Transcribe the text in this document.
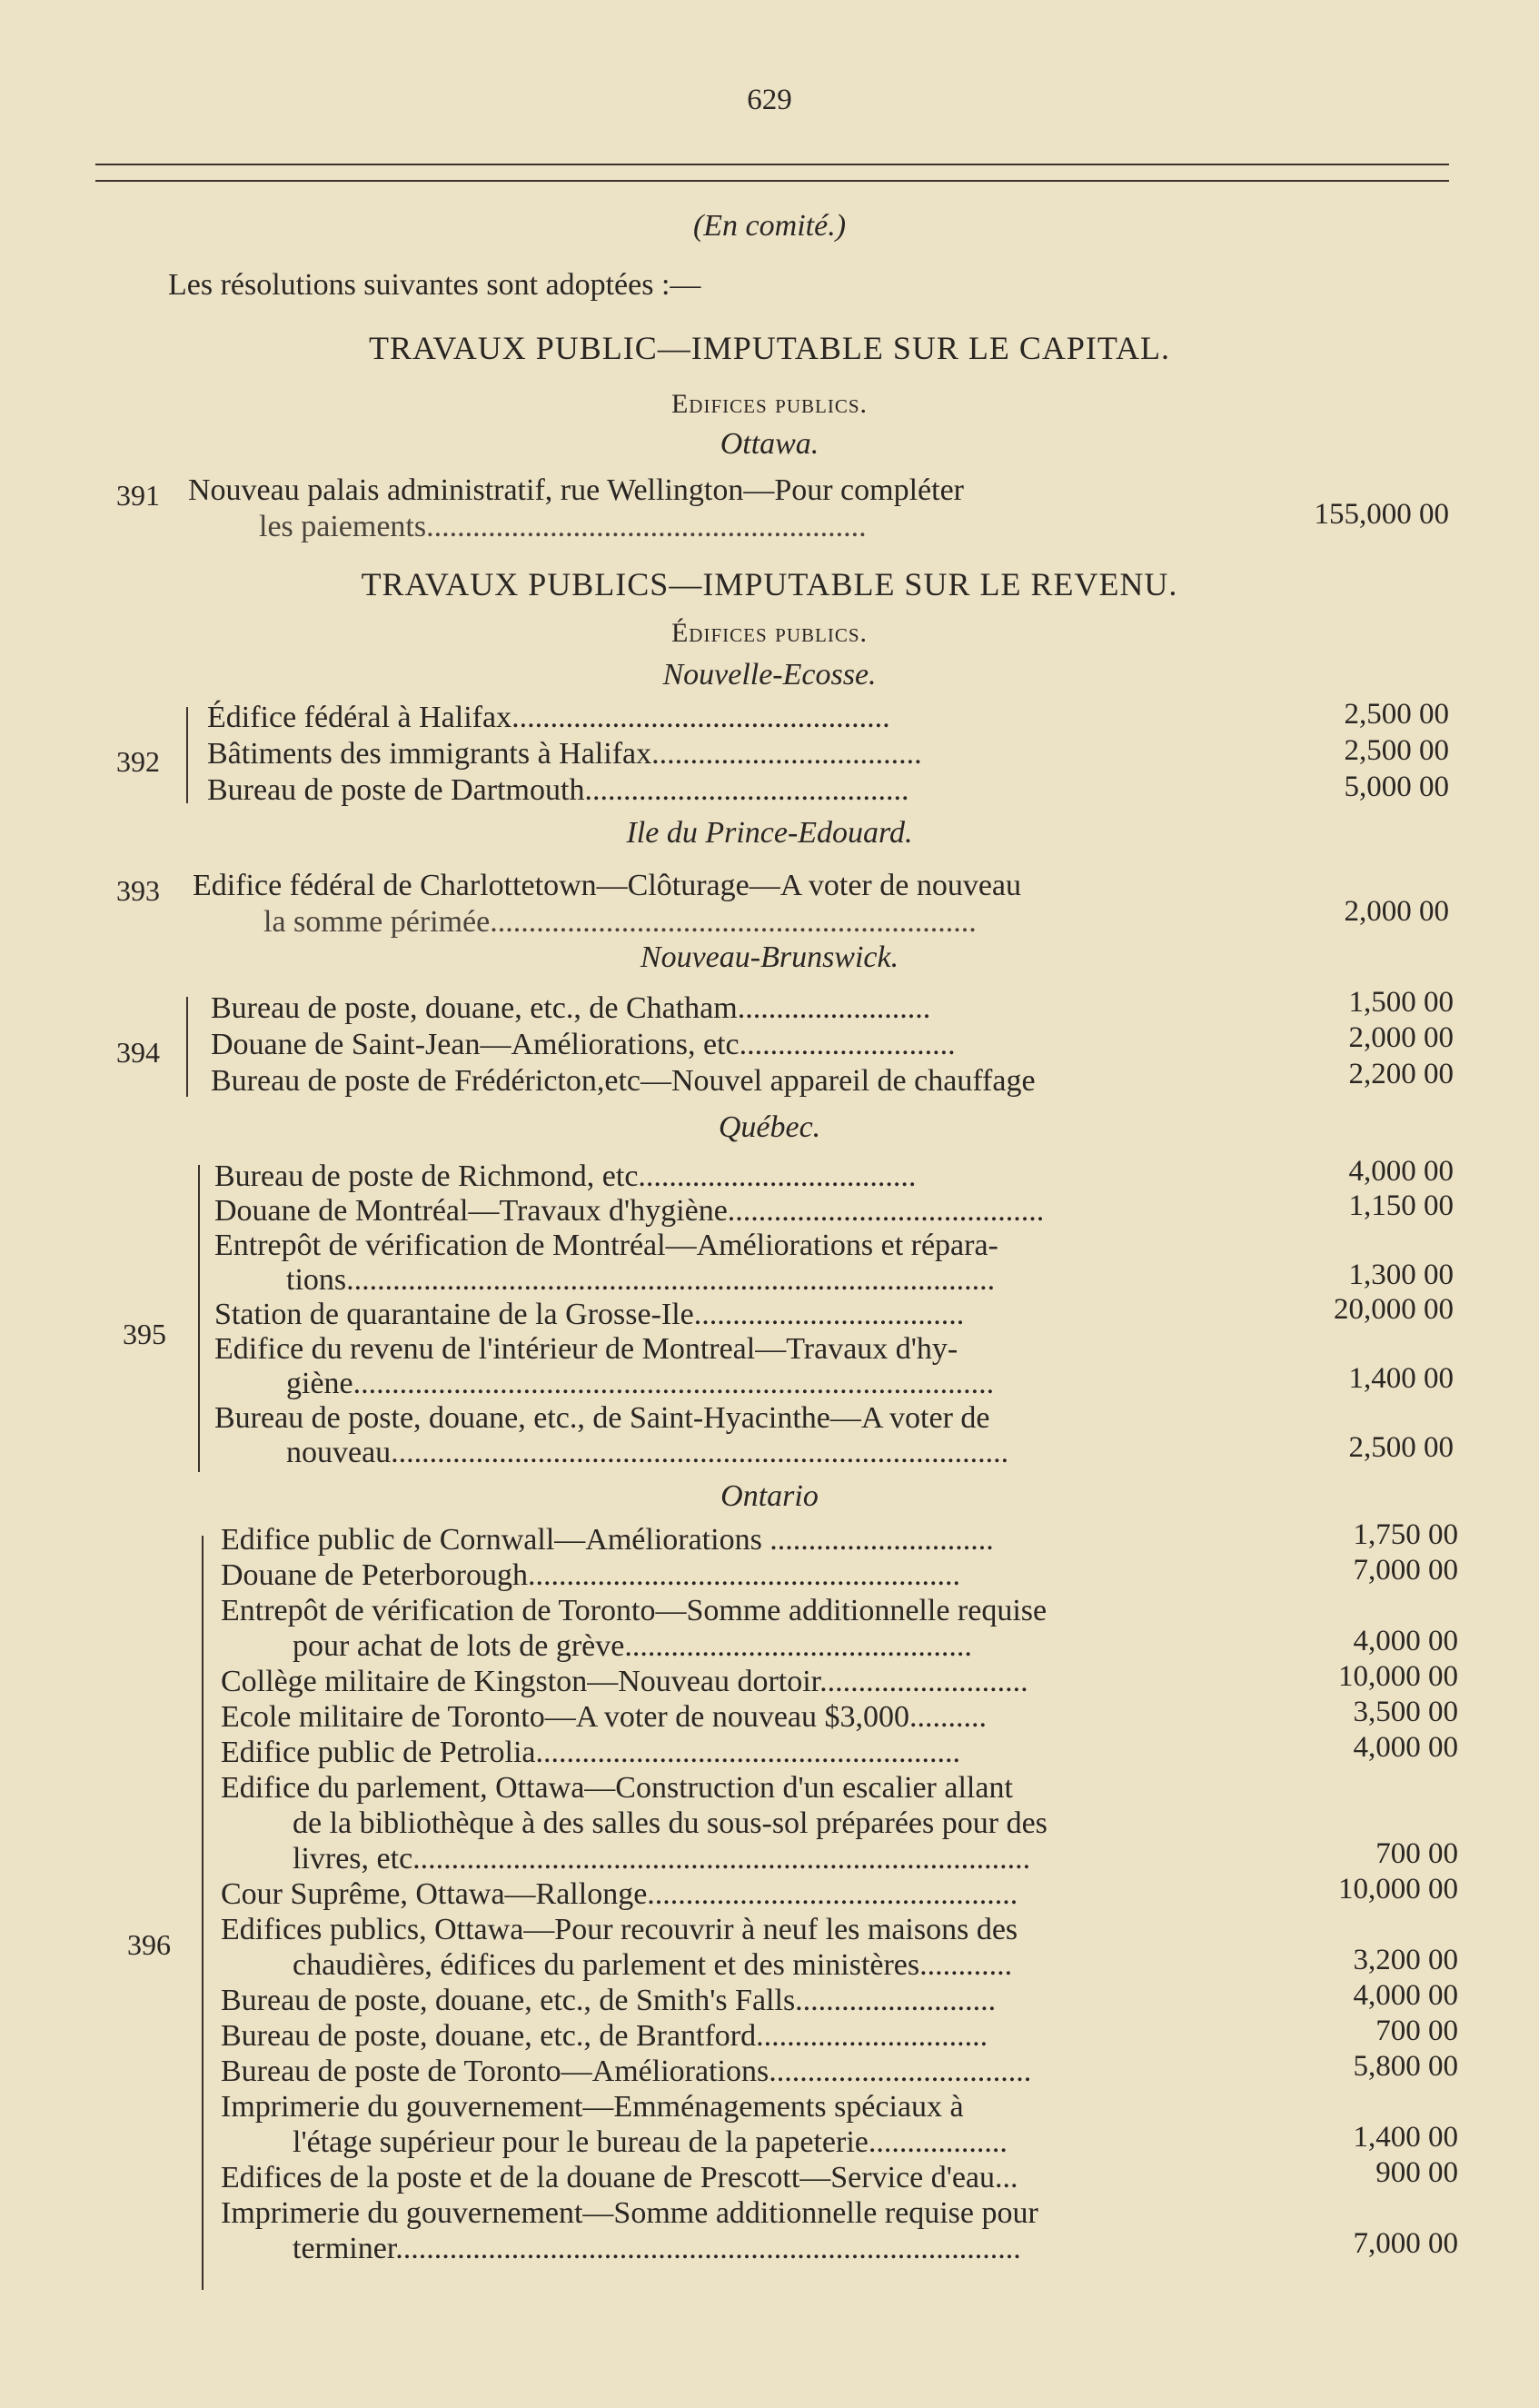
629
(En comité.)
Les résolutions suivantes sont adoptées :—
TRAVAUX PUBLIC—IMPUTABLE SUR LE CAPITAL.
Edifices publics.
Ottawa.
391 Nouveau palais administratif, rue Wellington—Pour compléter
les paiements.........................................................	155,000 00
TRAVAUX PUBLICS—IMPUTABLE SUR LE REVENU.
Édifices publics.
Nouvelle-Ecosse.
392
Édifice fédéral à Halifax.................................................	2,500 00
Bâtiments des immigrants à Halifax...................................	2,500 00
Bureau de poste de Dartmouth..........................................	5,000 00
Ile du Prince-Edouard.
393 Edifice fédéral de Charlottetown—Clôturage—A voter de nouveau
la somme périmée...............................................................	2,000 00
Nouveau-Brunswick.
394
Bureau de poste, douane, etc., de Chatham.........................	1,500 00
Douane de Saint-Jean—Améliorations, etc............................	2,000 00
Bureau de poste de Frédéricton,etc—Nouvel appareil de chauffage	2,200 00
Québec.
395
Bureau de poste de Richmond, etc....................................	4,000 00
Douane de Montréal—Travaux d'hygiène.........................................	1,150 00
Entrepôt de vérification de Montréal—Améliorations et répara-
tions....................................................................................	1,300 00
Station de quarantaine de la Grosse-Ile...................................	20,000 00
Edifice du revenu de l'intérieur de Montreal—Travaux d'hy-
giène...................................................................................	1,400 00
Bureau de poste, douane, etc., de Saint-Hyacinthe—A voter de
nouveau................................................................................	2,500 00
Ontario
396
Edifice public de Cornwall—Améliorations .............................	1,750 00
Douane de Peterborough........................................................	7,000 00
Entrepôt de vérification de Toronto—Somme additionnelle requise
pour achat de lots de grève.............................................	4,000 00
Collège militaire de Kingston—Nouveau dortoir...........................	10,000 00
Ecole militaire de Toronto—A voter de nouveau $3,000..........	3,500 00
Edifice public de Petrolia.......................................................	4,000 00
Edifice du parlement, Ottawa—Construction d'un escalier allant
de la bibliothèque à des salles du sous-sol préparées pour des
livres, etc................................................................................	700 00
Cour Suprême, Ottawa—Rallonge................................................	10,000 00
Edifices publics, Ottawa—Pour recouvrir à neuf les maisons des
chaudières, édifices du parlement et des ministères............	3,200 00
Bureau de poste, douane, etc., de Smith's Falls..........................	4,000 00
Bureau de poste, douane, etc., de Brantford..............................	700 00
Bureau de poste de Toronto—Améliorations..................................	5,800 00
Imprimerie du gouvernement—Emménagements spéciaux à
l'étage supérieur pour le bureau de la papeterie..................	1,400 00
Edifices de la poste et de la douane de Prescott—Service d'eau...	900 00
Imprimerie du gouvernement—Somme additionnelle requise pour
terminer.................................................................................	7,000 00
